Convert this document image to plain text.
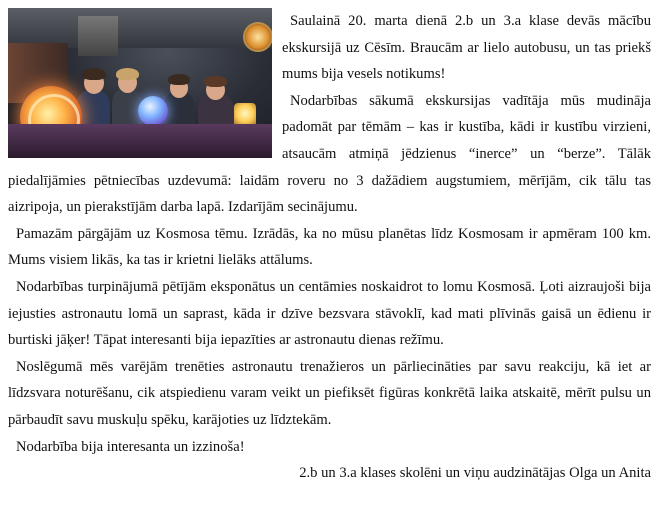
Saulainā 20. marta dienā 2.b un 3.a klase devās mācību ekskursijā uz Cēsīm. Braucām ar lielo autobusu, un tas priekš mums bija vesels notikums!

Nodarbības sākumā ekskursijas vadītāja mūs mudināja padomāt par tēmām – kas ir kustība, kādi ir kustību virzieni, atsaucām atmiņā jēdzienus “inerce” un “berze”. Tālāk piedalījāmies pētniecības uzdevumā: laidām roveru no 3 dažādiem augstumiem, mērījām, cik tālu tas aizripoja, un pierakstījām darba lapā. Izdarījām secinājumu.

Pamazām pārgājām uz Kosmosa tēmu. Izrādās, ka no mūsu planētas līdz Kosmosam ir apmēram 100 km. Mums visiem likās, ka tas ir krietni lielāks attālums.

Nodarbības turpinājumā pētījām eksponātus un centāmies noskaidrot to lomu Kosmosā. Ļoti aizraujoši bija iejusties astronautu lomā un saprast, kāda ir dzīve bezsvara stāvoklī, kad mati plīvinās gaisā un ēdienu ir burtiski jāķer! Tāpat interesanti bija iepazīties ar astronautu dienas režīmu.

Noslēgumā mēs varējām trenēties astronautu trenažieros un pārliecināties par savu reakciju, kā iet ar līdzsvara noturēšanu, cik atspiedienu varam veikt un piefiksēt figūras konkrētā laika atskaitē, mērīt pulsu un pārbaudīt savu muskuļu spēku, karājoties uz līdztekām.

Nodarbība bija interesanta un izzinoša!

2.b un 3.a klases skolēni un viņu audzinātājas Olga un Anita
